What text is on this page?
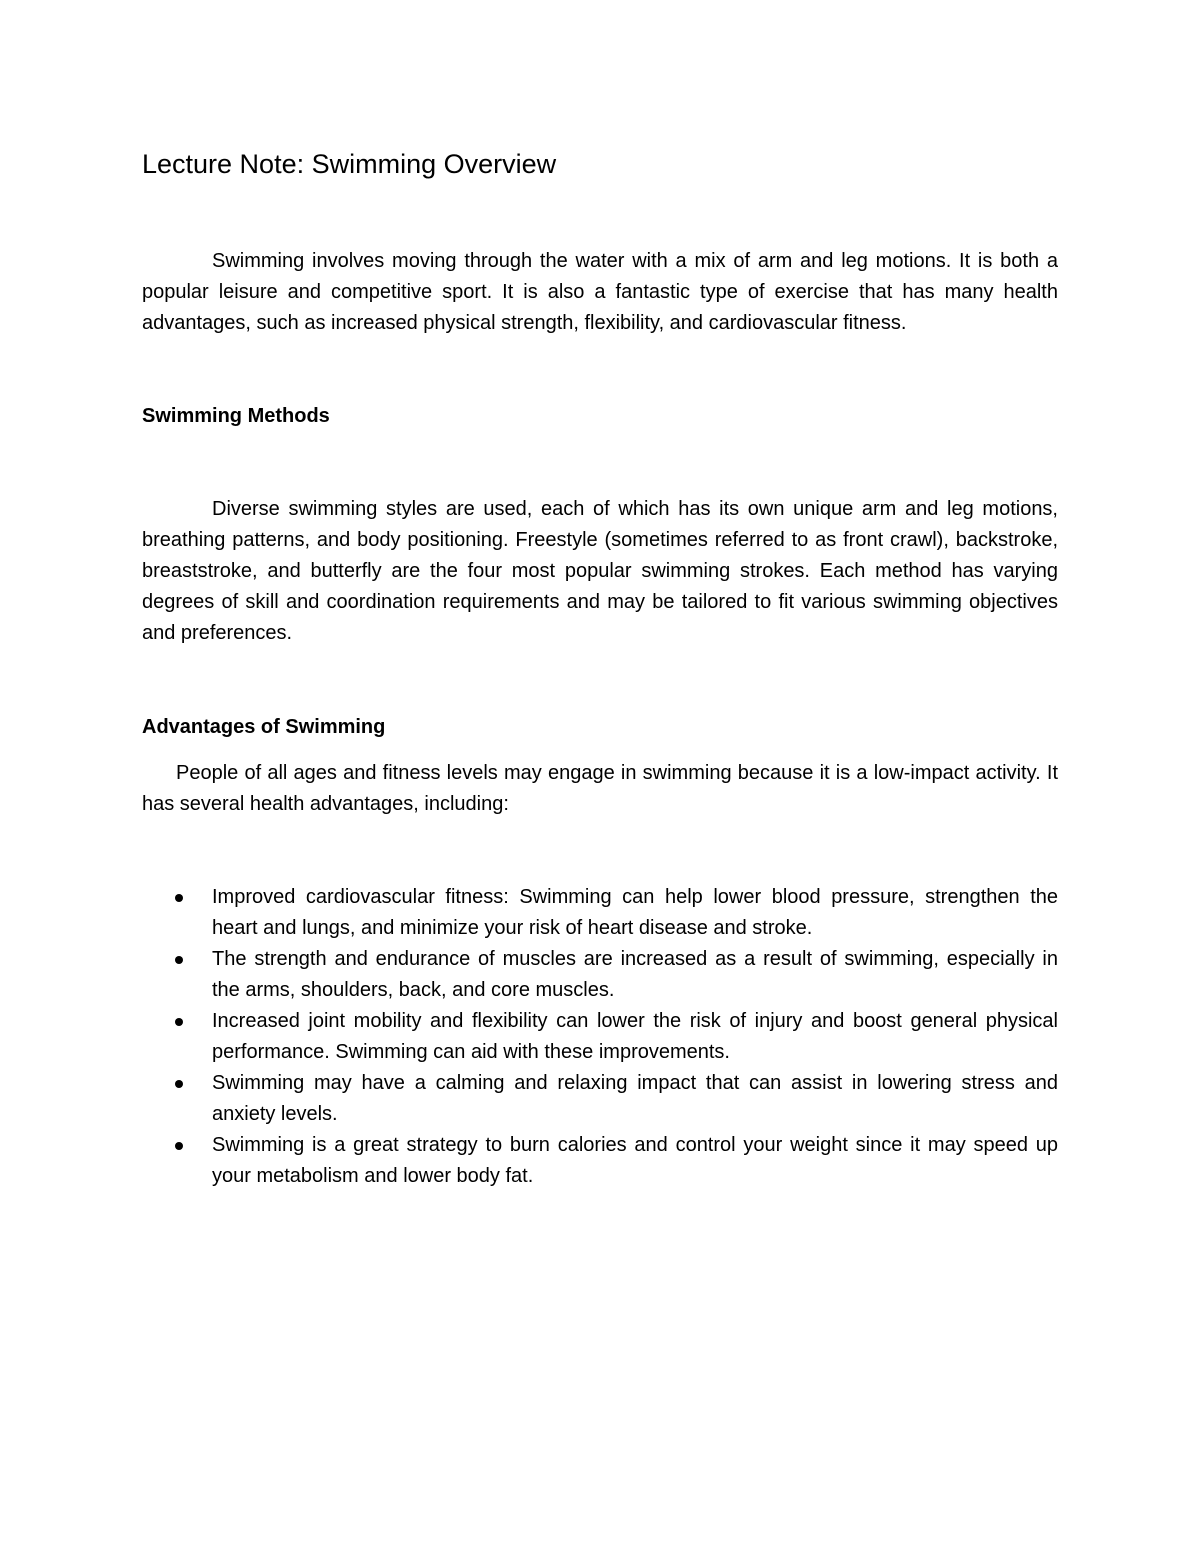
Lecture Note: Swimming Overview

Swimming involves moving through the water with a mix of arm and leg motions. It is both a popular leisure and competitive sport. It is also a fantastic type of exercise that has many health advantages, such as increased physical strength, flexibility, and cardiovascular fitness.

Swimming Methods

Diverse swimming styles are used, each of which has its own unique arm and leg motions, breathing patterns, and body positioning. Freestyle (sometimes referred to as front crawl), backstroke, breaststroke, and butterfly are the four most popular swimming strokes. Each method has varying degrees of skill and coordination requirements and may be tailored to fit various swimming objectives and preferences.

Advantages of Swimming

People of all ages and fitness levels may engage in swimming because it is a low-impact activity. It has several health advantages, including:

Improved cardiovascular fitness: Swimming can help lower blood pressure, strengthen the heart and lungs, and minimize your risk of heart disease and stroke.
The strength and endurance of muscles are increased as a result of swimming, especially in the arms, shoulders, back, and core muscles.
Increased joint mobility and flexibility can lower the risk of injury and boost general physical performance. Swimming can aid with these improvements.
Swimming may have a calming and relaxing impact that can assist in lowering stress and anxiety levels.
Swimming is a great strategy to burn calories and control your weight since it may speed up your metabolism and lower body fat.
